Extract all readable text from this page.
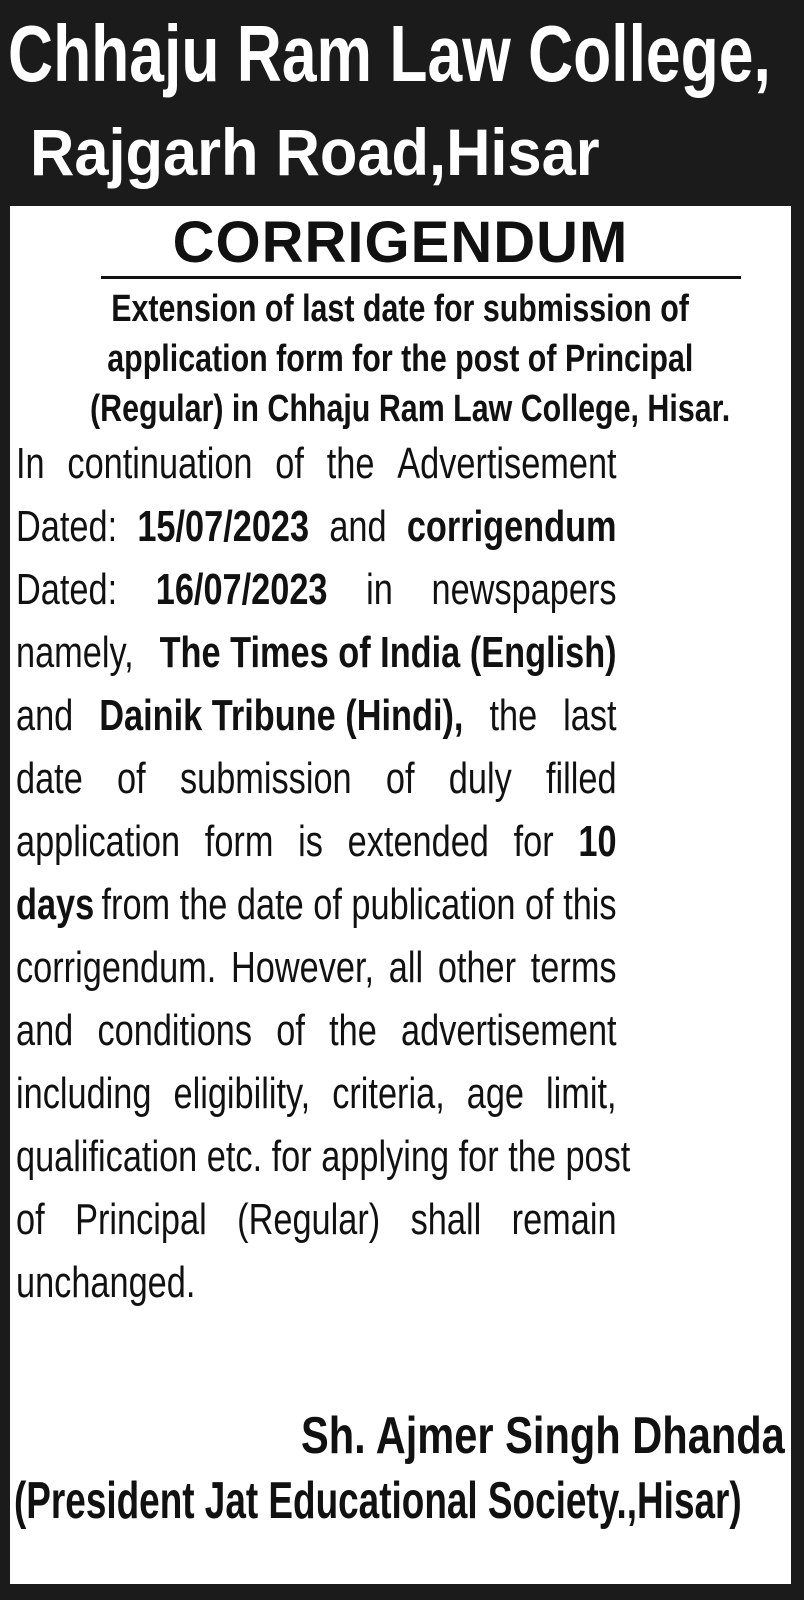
Chhaju Ram Law College,
Rajgarh Road,Hisar
CORRIGENDUM
Extension of last date for submission of
application form for the post of Principal
(Regular) in Chhaju Ram Law College, Hisar.
In continuation of the Advertisement
Dated: 15/07/2023 and corrigendum
Dated: 16/07/2023 in newspapers
namely, The Times of India (English)
and Dainik Tribune (Hindi), the last
date of submission of duly filled
application form is extended for 10
days from the date of publication of this
corrigendum. However, all other terms
and conditions of the advertisement
including eligibility, criteria, age limit,
qualification etc. for applying for the post
of Principal (Regular) shall remain
unchanged.
Sh. Ajmer Singh Dhanda
(President Jat Educational Society.,Hisar)
